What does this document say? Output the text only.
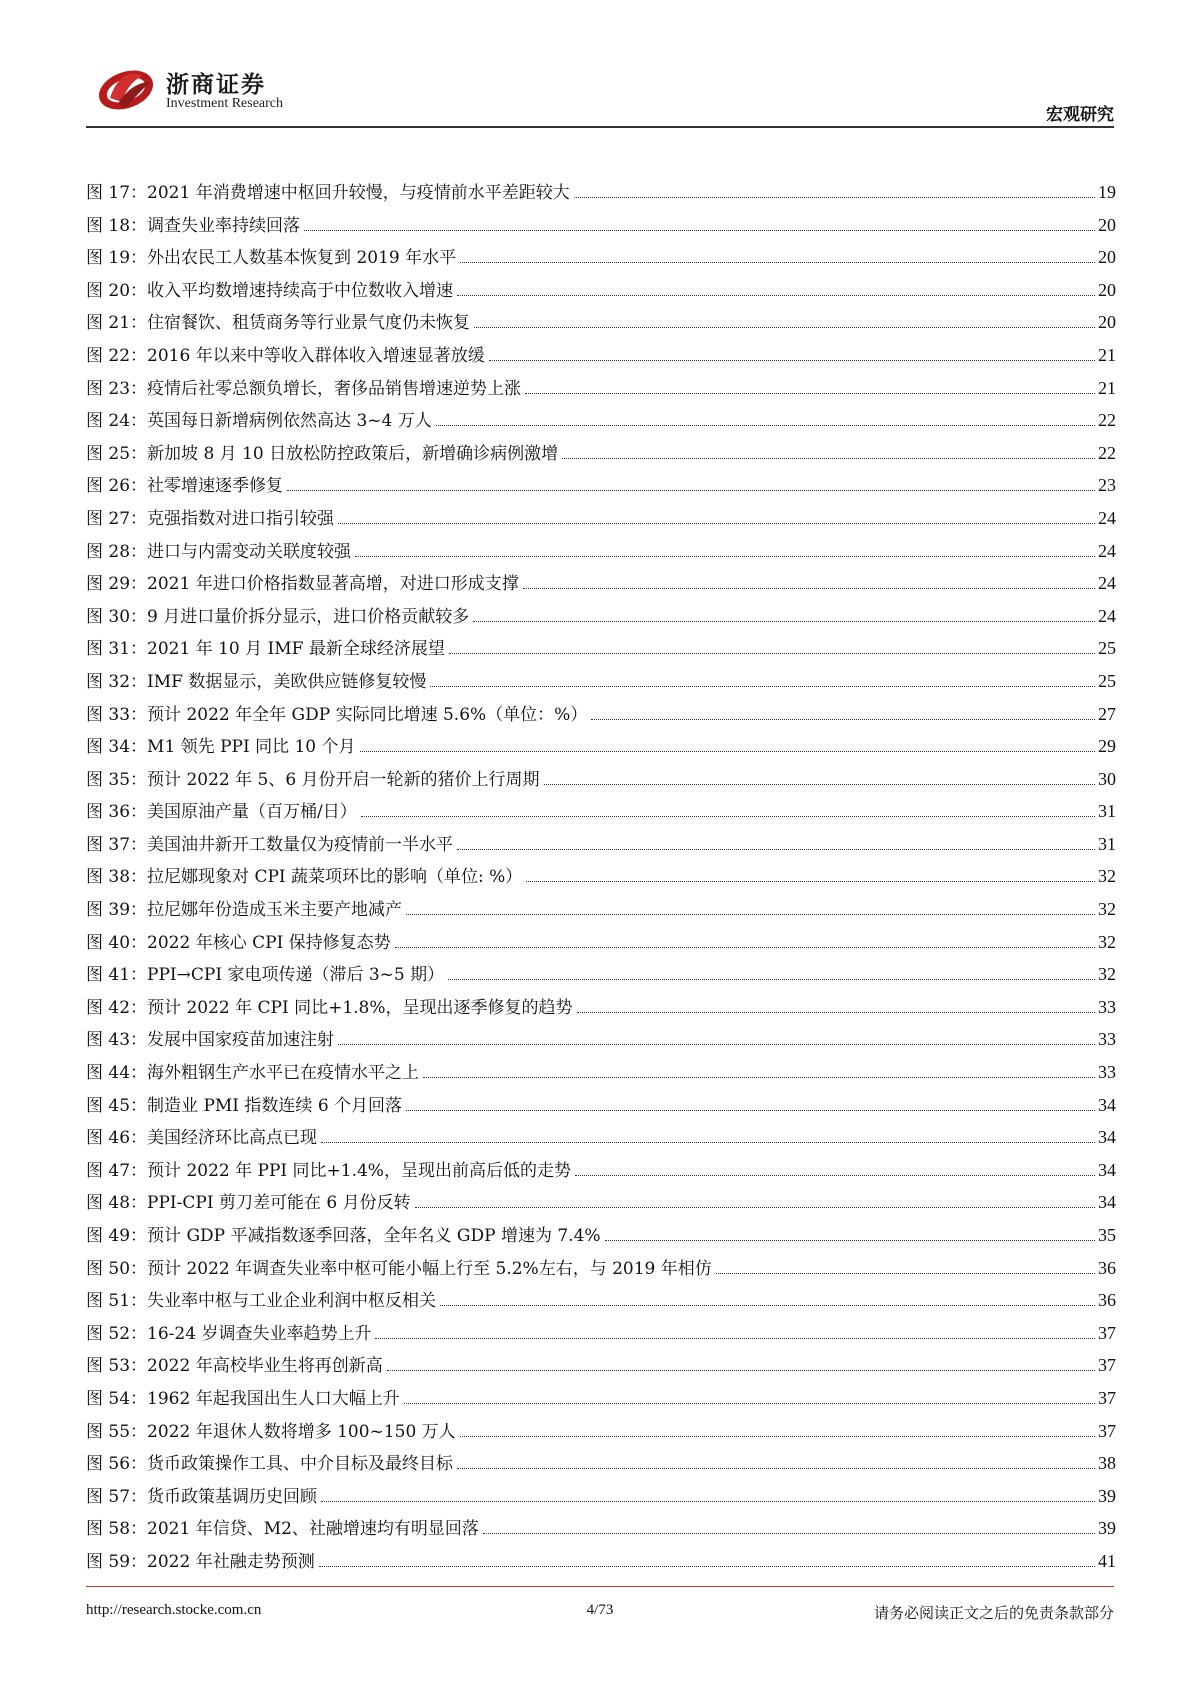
浙商证券
Investment Research
宏观研究
图 17： 2021 年消费增速中枢回升较慢，与疫情前水平差距较大	19
图 18： 调查失业率持续回落	20
图 19： 外出农民工人数基本恢复到 2019 年水平	20
图 20： 收入平均数增速持续高于中位数收入增速	20
图 21： 住宿餐饮、租赁商务等行业景气度仍未恢复	20
图 22： 2016 年以来中等收入群体收入增速显著放缓	21
图 23： 疫情后社零总额负增长，奢侈品销售增速逆势上涨	21
图 24： 英国每日新增病例依然高达 3~4 万人	22
图 25： 新加坡 8 月 10 日放松防控政策后，新增确诊病例激增	22
图 26： 社零增速逐季修复	23
图 27： 克强指数对进口指引较强	24
图 28： 进口与内需变动关联度较强	24
图 29： 2021 年进口价格指数显著高增，对进口形成支撑	24
图 30： 9 月进口量价拆分显示，进口价格贡献较多	24
图 31： 2021 年 10 月 IMF 最新全球经济展望	25
图 32： IMF 数据显示，美欧供应链修复较慢	25
图 33： 预计 2022 年全年 GDP 实际同比增速 5.6%（单位：%）	27
图 34： M1 领先 PPI 同比 10 个月	29
图 35： 预计 2022 年 5、6 月份开启一轮新的猪价上行周期	30
图 36： 美国原油产量（百万桶/日）	31
图 37： 美国油井新开工数量仅为疫情前一半水平	31
图 38： 拉尼娜现象对 CPI 蔬菜项环比的影响（单位: %）	32
图 39： 拉尼娜年份造成玉米主要产地减产	32
图 40： 2022 年核心 CPI 保持修复态势	32
图 41： PPI→CPI 家电项传递（滞后 3~5 期）	32
图 42： 预计 2022 年 CPI 同比+1.8%，呈现出逐季修复的趋势	33
图 43： 发展中国家疫苗加速注射	33
图 44： 海外粗钢生产水平已在疫情水平之上	33
图 45： 制造业 PMI 指数连续 6 个月回落	34
图 46： 美国经济环比高点已现	34
图 47： 预计 2022 年 PPI 同比+1.4%，呈现出前高后低的走势	34
图 48： PPI-CPI 剪刀差可能在 6 月份反转	34
图 49： 预计 GDP 平减指数逐季回落，全年名义 GDP 增速为 7.4%	35
图 50： 预计 2022 年调查失业率中枢可能小幅上行至 5.2%左右，与 2019 年相仿	36
图 51： 失业率中枢与工业企业利润中枢反相关	36
图 52： 16-24 岁调查失业率趋势上升	37
图 53： 2022 年高校毕业生将再创新高	37
图 54： 1962 年起我国出生人口大幅上升	37
图 55： 2022 年退休人数将增多 100~150 万人	37
图 56： 货币政策操作工具、中介目标及最终目标	38
图 57： 货币政策基调历史回顾	39
图 58： 2021 年信贷、M2、社融增速均有明显回落	39
图 59： 2022 年社融走势预测	41
http://research.stocke.com.cn	4/73	请务必阅读正文之后的免责条款部分
